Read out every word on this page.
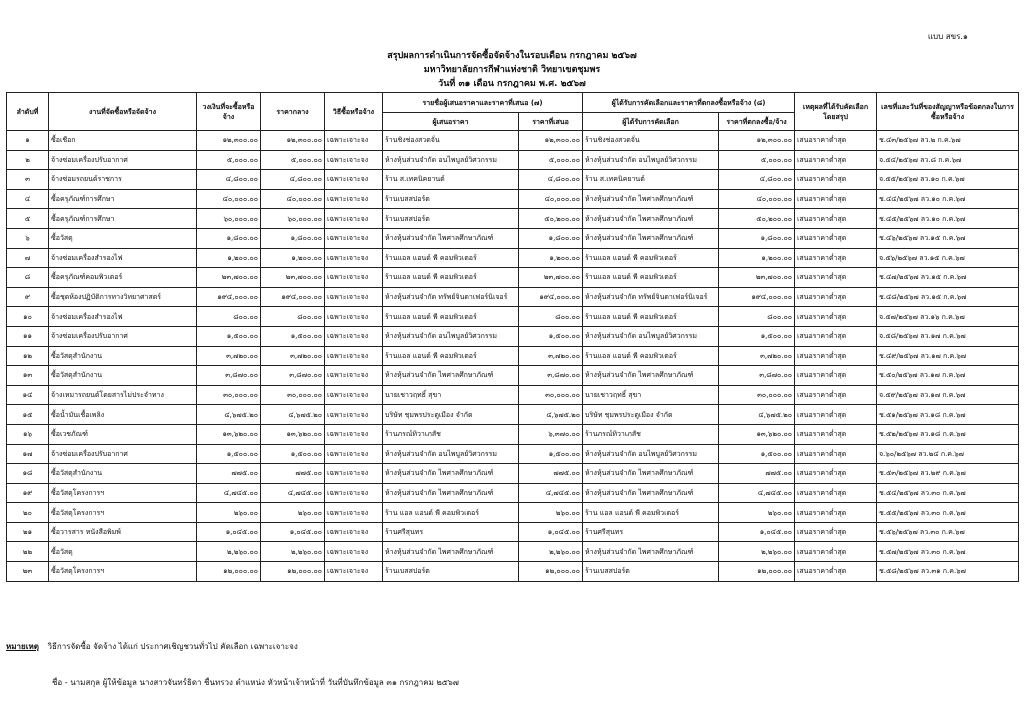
แบบ สขร.๑
สรุปผลการดำเนินการจัดซื้อจัดจ้างในรอบเดือน กรกฎาคม ๒๕๖๗
มหาวิทยาลัยการกีฬาแห่งชาติ วิทยาเขตชุมพร
วันที่ ๓๑ เดือน กรกฎาคม พ.ศ. ๒๕๖๗
ลำดับที่	งานที่จัดซื้อหรือจัดจ้าง	วงเงินที่จะซื้อหรือจ้าง	ราคากลาง	วิธีซื้อหรือจ้าง	รายชื่อผู้เสนอราคาและราคาที่เสนอ (๗)		ผู้ได้รับการคัดเลือกและราคาที่ตกลงซื้อหรือจ้าง (๘)		เหตุผลที่ได้รับคัดเลือกโดยสรุป	เลขที่และวันที่ของสัญญาหรือข้อตกลงในการซื้อหรือจ้าง
					ผู้เสนอราคา	ราคาที่เสนอ	ผู้ได้รับการคัดเลือก	ราคาที่ตกลงซื้อ/จ้าง		
๑	ซื้อเชือก	๑๒,๓๐๐.๐๐	๑๒,๓๐๐.๐๐	เฉพาะเจาะจง	ร้านชิงช่องสวดจั่น	๑๒,๓๐๐.๐๐	ร้านชิงช่องสวดจั่น	๑๒,๓๐๐.๐๐	เสนอราคาต่ำสุด	ช.๔๓/๒๕๖๗ ลว.๒ ก.ค.๖๗
๒	จ้างซ่อมเครื่องปรับอากาศ	๕,๐๐๐.๐๐	๕,๐๐๐.๐๐	เฉพาะเจาะจง	ห้างหุ้นส่วนจำกัด อนไพบูลย์วิศวกรรม	๕,๐๐๐.๐๐	ห้างหุ้นส่วนจำกัด อนไพบูลย์วิศวกรรม	๕,๐๐๐.๐๐	เสนอราคาต่ำสุด	จ.๕๔/๒๕๖๗ ลว.๘ ก.ค.๖๗
๓	จ้างซ่อมรถยนต์ราชการ	๔,๘๐๐.๐๐	๔,๘๐๐.๐๐	เฉพาะเจาะจง	ร้าน ส.เทคนิคยานต์	๔,๘๐๐.๐๐	ร้าน ส.เทคนิคยานต์	๔,๘๐๐.๐๐	เสนอราคาต่ำสุด	จ.๕๕/๒๕๖๗ ลว.๑๐ ก.ค.๖๗
๔	ซื้อครุภัณฑ์การศึกษา	๔๐,๐๐๐.๐๐	๔๐,๐๐๐.๐๐	เฉพาะเจาะจง	ร้านเบสสปอร์ต	๔๐,๐๐๐.๐๐	ห้างหุ้นส่วนจำกัด ไพศาลศึกษาภัณฑ์	๔๐,๐๐๐.๐๐	เสนอราคาต่ำสุด	ช.๔๔/๒๕๖๗ ลว.๑๐ ก.ค.๖๗
๕	ซื้อครุภัณฑ์การศึกษา	๖๐,๐๐๐.๐๐	๖๐,๐๐๐.๐๐	เฉพาะเจาะจง	ร้านเบสสปอร์ต	๕๐,๒๐๐.๐๐	ห้างหุ้นส่วนจำกัด ไพศาลศึกษาภัณฑ์	๕๐,๒๐๐.๐๐	เสนอราคาต่ำสุด	ช.๔๕/๒๕๖๗ ลว.๑๐ ก.ค.๖๗
๖	ซื้อวัสดุ	๑,๘๐๐.๐๐	๑,๘๐๐.๐๐	เฉพาะเจาะจง	ห้างหุ้นส่วนจำกัด ไพศาลศึกษาภัณฑ์	๑,๘๐๐.๐๐	ห้างหุ้นส่วนจำกัด ไพศาลศึกษาภัณฑ์	๑,๘๐๐.๐๐	เสนอราคาต่ำสุด	ช.๔๖/๒๕๖๗ ลว.๑๕ ก.ค.๖๗
๗	จ้างซ่อมเครื่องสำรองไฟ	๑,๒๐๐.๐๐	๑,๒๐๐.๐๐	เฉพาะเจาะจง	ร้านแอล แอนด์ พี คอมพิวเตอร์	๑,๒๐๐.๐๐	ร้านแอล แอนด์ พี คอมพิวเตอร์	๑,๒๐๐.๐๐	เสนอราคาต่ำสุด	จ.๕๖/๒๕๖๗ ลว.๑๕ ก.ค.๖๗
๘	ซื้อครุภัณฑ์คอมพิวเตอร์	๒๓,๗๐๐.๐๐	๒๓,๗๐๐.๐๐	เฉพาะเจาะจง	ร้านแอล แอนด์ พี คอมพิวเตอร์	๒๓,๗๐๐.๐๐	ร้านแอล แอนด์ พี คอมพิวเตอร์	๒๓,๗๐๐.๐๐	เสนอราคาต่ำสุด	ช.๔๗/๒๕๖๗ ลว.๑๕ ก.ค.๖๗
๙	ซื้อชุดห้องปฏิบัติการทางวิทยาศาสตร์	๑๙๔,๐๐๐.๐๐	๑๙๔,๐๐๐.๐๐	เฉพาะเจาะจง	ห้างหุ้นส่วนจำกัด ทรัพย์จินดาเฟอร์นิเจอร์	๑๙๔,๐๐๐.๐๐	ห้างหุ้นส่วนจำกัด ทรัพย์จินดาเฟอร์นิเจอร์	๑๙๔,๐๐๐.๐๐	เสนอราคาต่ำสุด	ช.๔๘/๒๕๖๗ ลว.๑๕ ก.ค.๖๗
๑๐	จ้างซ่อมเครื่องสำรองไฟ	๘๐๐.๐๐	๘๐๐.๐๐	เฉพาะเจาะจง	ร้านแอล แอนด์ พี คอมพิวเตอร์	๘๐๐.๐๐	ร้านแอล แอนด์ พี คอมพิวเตอร์	๘๐๐.๐๐	เสนอราคาต่ำสุด	จ.๕๗/๒๕๖๗ ลว.๑๖ ก.ค.๖๗
๑๑	จ้างซ่อมเครื่องปรับอากาศ	๑,๕๐๐.๐๐	๑,๕๐๐.๐๐	เฉพาะเจาะจง	ห้างหุ้นส่วนจำกัด อนไพบูลย์วิศวกรรม	๑,๕๐๐.๐๐	ห้างหุ้นส่วนจำกัด อนไพบูลย์วิศวกรรม	๑,๕๐๐.๐๐	เสนอราคาต่ำสุด	จ.๕๘/๒๕๖๗ ลว.๑๗ ก.ค.๖๗
๑๒	ซื้อวัสดุสำนักงาน	๓,๗๒๐.๐๐	๓,๗๒๐.๐๐	เฉพาะเจาะจง	ร้านแอล แอนด์ พี คอมพิวเตอร์	๓,๗๒๐.๐๐	ร้านแอล แอนด์ พี คอมพิวเตอร์	๓,๗๒๐.๐๐	เสนอราคาต่ำสุด	ช.๔๙/๒๕๖๗ ลว.๑๗ ก.ค.๖๗
๑๓	ซื้อวัสดุสำนักงาน	๓,๘๗๐.๐๐	๓,๘๗๐.๐๐	เฉพาะเจาะจง	ห้างหุ้นส่วนจำกัด ไพศาลศึกษาภัณฑ์	๓,๘๗๐.๐๐	ห้างหุ้นส่วนจำกัด ไพศาลศึกษาภัณฑ์	๓,๘๗๐.๐๐	เสนอราคาต่ำสุด	ช.๕๐/๒๕๖๗ ลว.๑๗ ก.ค.๖๗
๑๔	จ้างเหมารถยนต์โดยสารไม่ประจำทาง	๓๐,๐๐๐.๐๐	๓๐,๐๐๐.๐๐	เฉพาะเจาะจง	นายเชาวฤทธิ์ สุขา	๓๐,๐๐๐.๐๐	นายเชาวฤทธิ์ สุขา	๓๐,๐๐๐.๐๐	เสนอราคาต่ำสุด	จ.๕๙/๒๕๖๗ ลว.๑๗ ก.ค.๖๗
๑๕	ซื้อน้ำมันเชื้อเพลิง	๔,๖๗๕.๒๐	๔,๖๗๕.๒๐	เฉพาะเจาะจง	บริษัท ชุมพรประตูเมือง จำกัด	๔,๖๗๕.๒๐	บริษัท ชุมพรประตูเมือง จำกัด	๔,๖๗๕.๒๐	เสนอราคาต่ำสุด	ช.๕๑/๒๕๖๗ ลว.๑๘ ก.ค.๖๗
๑๖	ซื้อเวชภัณฑ์	๑๓,๖๒๐.๐๐	๑๓,๖๒๐.๐๐	เฉพาะเจาะจง	ร้านภรณ์ทิวาเภสัช	๖,๓๗๐.๐๐	ร้านภรณ์ทิวาเภสัช	๑๓,๖๒๐.๐๐	เสนอราคาต่ำสุด	ช.๕๒/๒๕๖๗ ลว.๑๘ ก.ค.๖๗
๑๗	จ้างซ่อมเครื่องปรับอากาศ	๑,๕๐๐.๐๐	๑,๕๐๐.๐๐	เฉพาะเจาะจง	ห้างหุ้นส่วนจำกัด อนไพบูลย์วิศวกรรม	๑,๕๐๐.๐๐	ห้างหุ้นส่วนจำกัด อนไพบูลย์วิศวกรรม	๑,๕๐๐.๐๐	เสนอราคาต่ำสุด	จ.๖๐/๒๕๖๗ ลว.๒๔ ก.ค.๖๗
๑๘	ซื้อวัสดุสำนักงาน	๗๗๕.๐๐	๗๗๕.๐๐	เฉพาะเจาะจง	ห้างหุ้นส่วนจำกัด ไพศาลศึกษาภัณฑ์	๗๗๕.๐๐	ห้างหุ้นส่วนจำกัด ไพศาลศึกษาภัณฑ์	๗๗๕.๐๐	เสนอราคาต่ำสุด	ช.๕๓/๒๕๖๗ ลว.๒๙ ก.ค.๖๗
๑๙	ซื้อวัสดุโครงการฯ	๔,๗๔๕.๐๐	๔,๗๔๕.๐๐	เฉพาะเจาะจง	ห้างหุ้นส่วนจำกัด ไพศาลศึกษาภัณฑ์	๔,๗๔๕.๐๐	ห้างหุ้นส่วนจำกัด ไพศาลศึกษาภัณฑ์	๔,๗๔๕.๐๐	เสนอราคาต่ำสุด	ช.๕๔/๒๕๖๗ ลว.๓๐ ก.ค.๖๗
๒๐	ซื้อวัสดุโครงการฯ	๒๖๐.๐๐	๒๖๐.๐๐	เฉพาะเจาะจง	ร้าน แอล แอนด์ พี คอมพิวเตอร์	๒๖๐.๐๐	ร้าน แอล แอนด์ พี คอมพิวเตอร์	๒๖๐.๐๐	เสนอราคาต่ำสุด	ช.๕๕/๒๕๖๗ ลว.๓๐ ก.ค.๖๗
๒๑	ซื้อวารสาร หนังสือพิมพ์	๑,๐๔๕.๐๐	๑,๐๔๕.๐๐	เฉพาะเจาะจง	ร้านศรีสุนทร	๑,๐๔๕.๐๐	ร้านศรีสุนทร	๑,๐๔๕.๐๐	เสนอราคาต่ำสุด	ช.๕๖/๒๕๖๗ ลว.๓๐ ก.ค.๖๗
๒๒	ซื้อวัสดุ	๒,๒๖๐.๐๐	๒,๒๖๐.๐๐	เฉพาะเจาะจง	ห้างหุ้นส่วนจำกัด ไพศาลศึกษาภัณฑ์	๒,๒๖๐.๐๐	ห้างหุ้นส่วนจำกัด ไพศาลศึกษาภัณฑ์	๒,๒๖๐.๐๐	เสนอราคาต่ำสุด	ช.๕๗/๒๕๖๗ ลว.๓๐ ก.ค.๖๗
๒๓	ซื้อวัสดุโครงการฯ	๑๒,๐๐๐.๐๐	๑๒,๐๐๐.๐๐	เฉพาะเจาะจง	ร้านเบสสปอร์ต	๑๒,๐๐๐.๐๐	ร้านเบสสปอร์ต	๑๒,๐๐๐.๐๐	เสนอราคาต่ำสุด	ช.๕๘/๒๕๖๗ ลว.๓๑ ก.ค.๖๗
หมายเหตุ วิธีการจัดซื้อ จัดจ้าง ได้แก่ ประกาศเชิญชวนทั่วไป คัดเลือก เฉพาะเจาะจง
ชื่อ - นามสกุล ผู้ให้ข้อมูล นางสาวจันทร์ธิดา ชื่นทรวง ตำแหน่ง หัวหน้าเจ้าหน้าที่ วันที่บันทึกข้อมูล ๓๑ กรกฎาคม ๒๕๖๗
